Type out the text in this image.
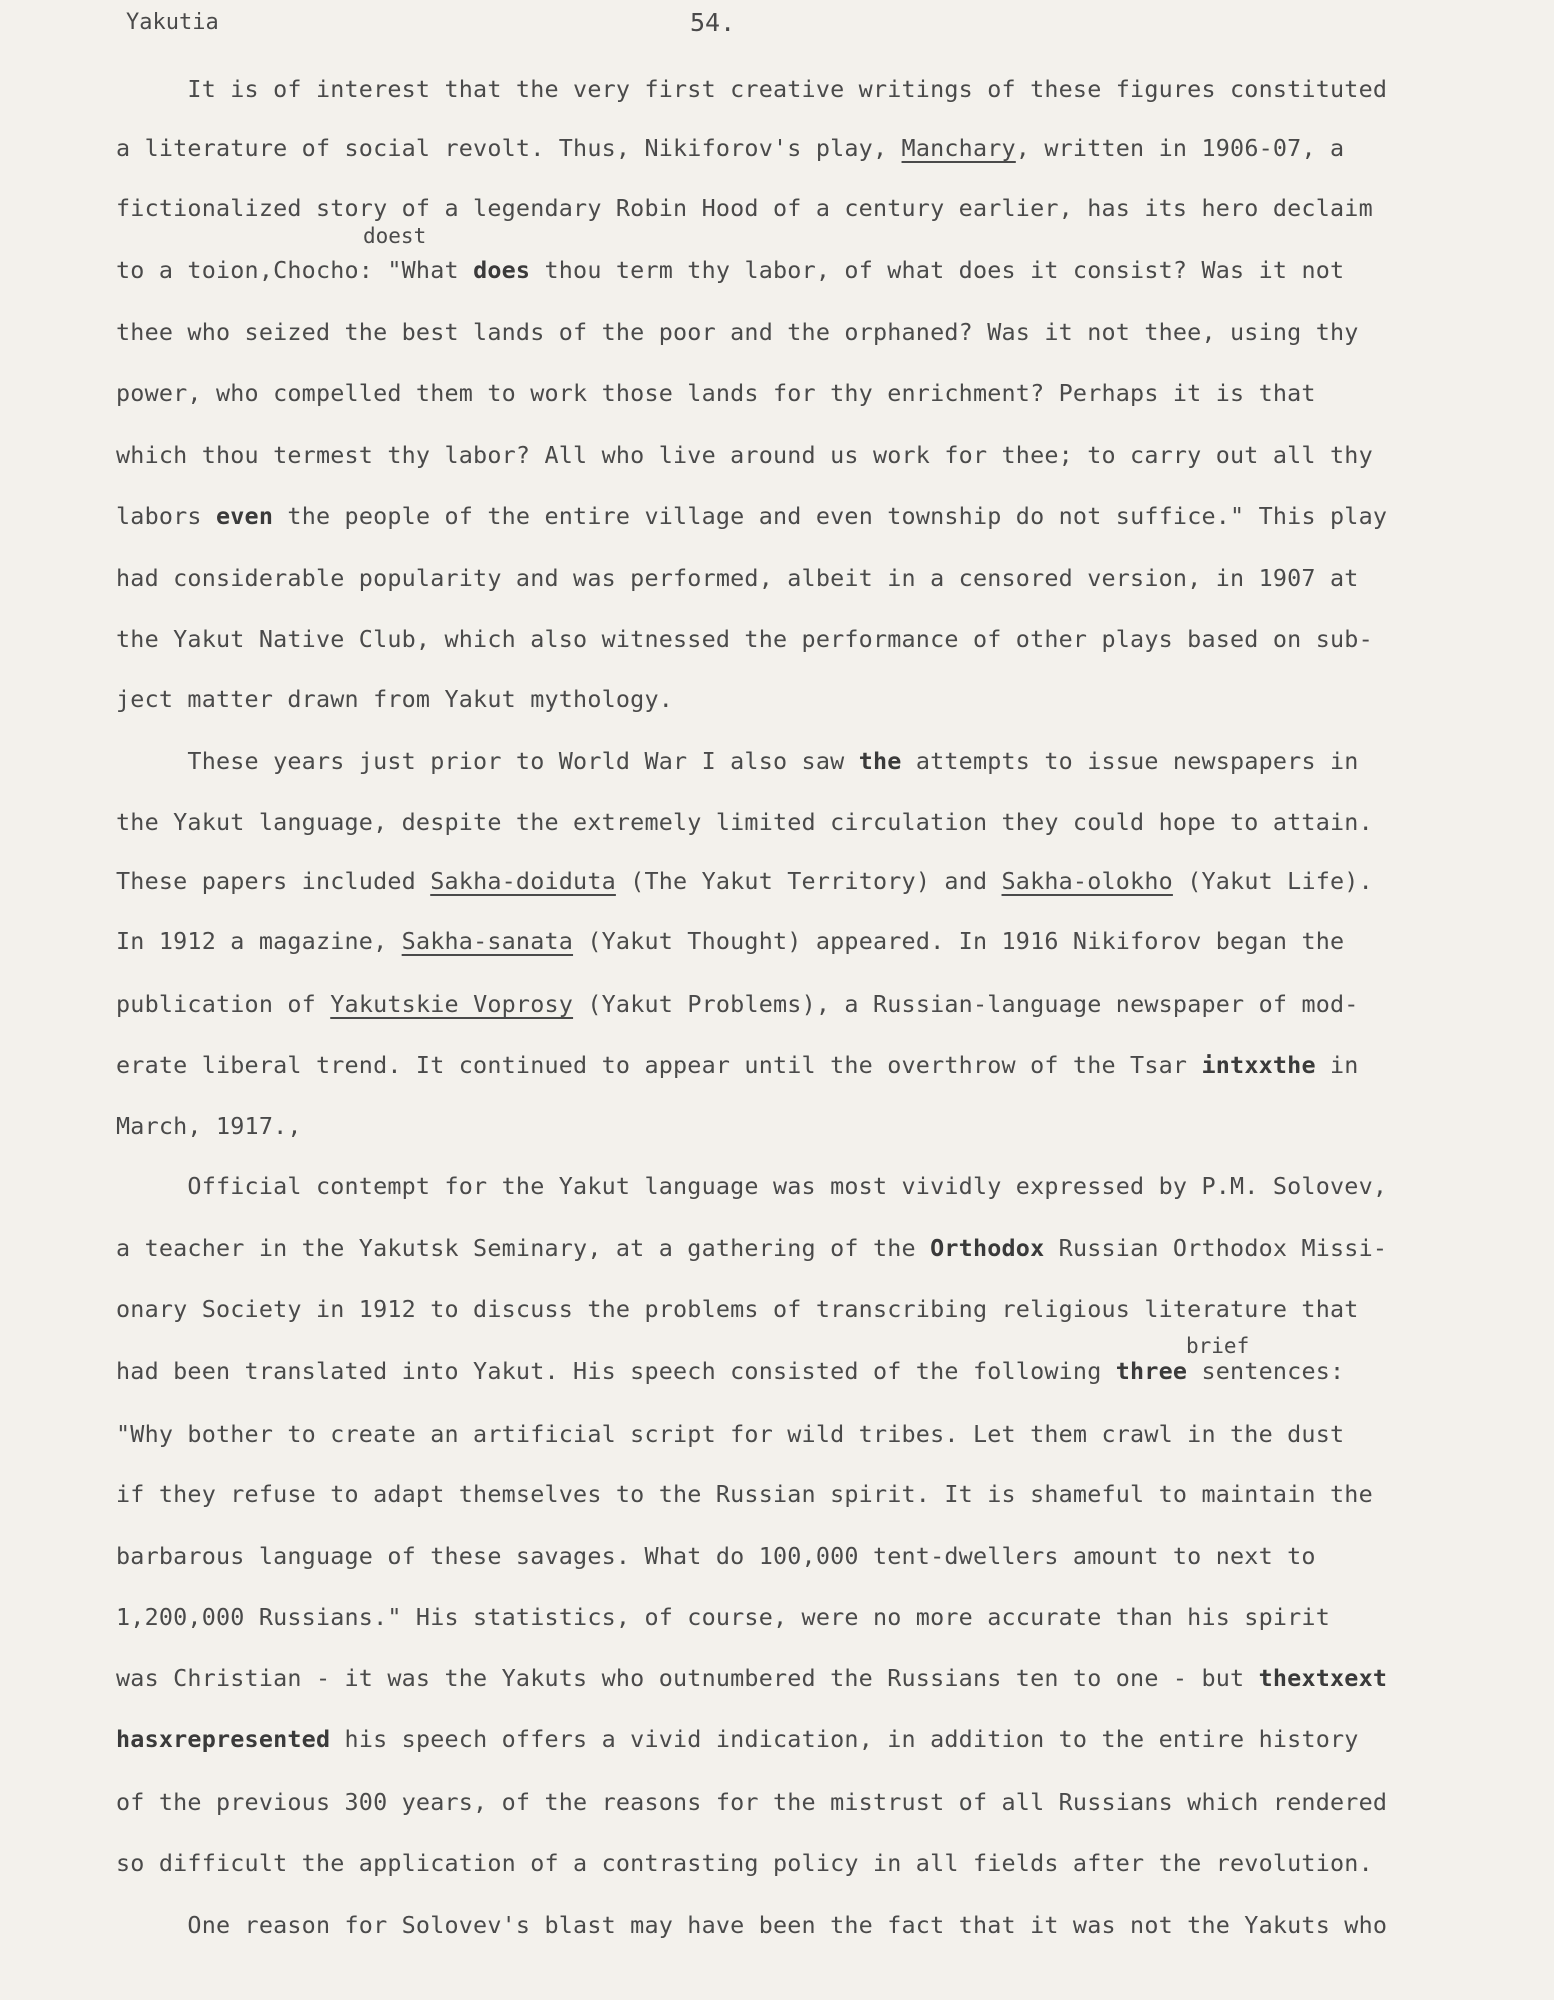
Yakutia	54.
doest
brief
It is of interest that the very first creative writings of these figures constituted
a literature of social revolt. Thus, Nikiforov's play, Manchary, written in 1906-07, a
fictionalized story of a legendary Robin Hood of a century earlier, has its hero declaim
to a toion,Chocho: "What does thou term thy labor, of what does it consist? Was it not
thee who seized the best lands of the poor and the orphaned? Was it not thee, using thy
power, who compelled them to work those lands for thy enrichment? Perhaps it is that
which thou termest thy labor? All who live around us work for thee; to carry out all thy
labors even the people of the entire village and even township do not suffice." This play
had considerable popularity and was performed, albeit in a censored version, in 1907 at
the Yakut Native Club, which also witnessed the performance of other plays based on sub-
ject matter drawn from Yakut mythology.
These years just prior to World War I also saw the attempts to issue newspapers in
the Yakut language, despite the extremely limited circulation they could hope to attain.
These papers included Sakha-doiduta (The Yakut Territory) and Sakha-olokho (Yakut Life).
In 1912 a magazine, Sakha-sanata (Yakut Thought) appeared. In 1916 Nikiforov began the
publication of Yakutskie Voprosy (Yakut Problems), a Russian-language newspaper of mod-
erate liberal trend. It continued to appear until the overthrow of the Tsar intxxthe in
March, 1917.,
Official contempt for the Yakut language was most vividly expressed by P.M. Solovev,
a teacher in the Yakutsk Seminary, at a gathering of the Orthodox Russian Orthodox Missi-
onary Society in 1912 to discuss the problems of transcribing religious literature that
had been translated into Yakut. His speech consisted of the following three sentences:
"Why bother to create an artificial script for wild tribes. Let them crawl in the dust
if they refuse to adapt themselves to the Russian spirit. It is shameful to maintain the
barbarous language of these savages. What do 100,000 tent-dwellers amount to next to
1,200,000 Russians." His statistics, of course, were no more accurate than his spirit
was Christian - it was the Yakuts who outnumbered the Russians ten to one - but thextxext
hasxrepresented his speech offers a vivid indication, in addition to the entire history
of the previous 300 years, of the reasons for the mistrust of all Russians which rendered
so difficult the application of a contrasting policy in all fields after the revolution.
One reason for Solovev's blast may have been the fact that it was not the Yakuts who
